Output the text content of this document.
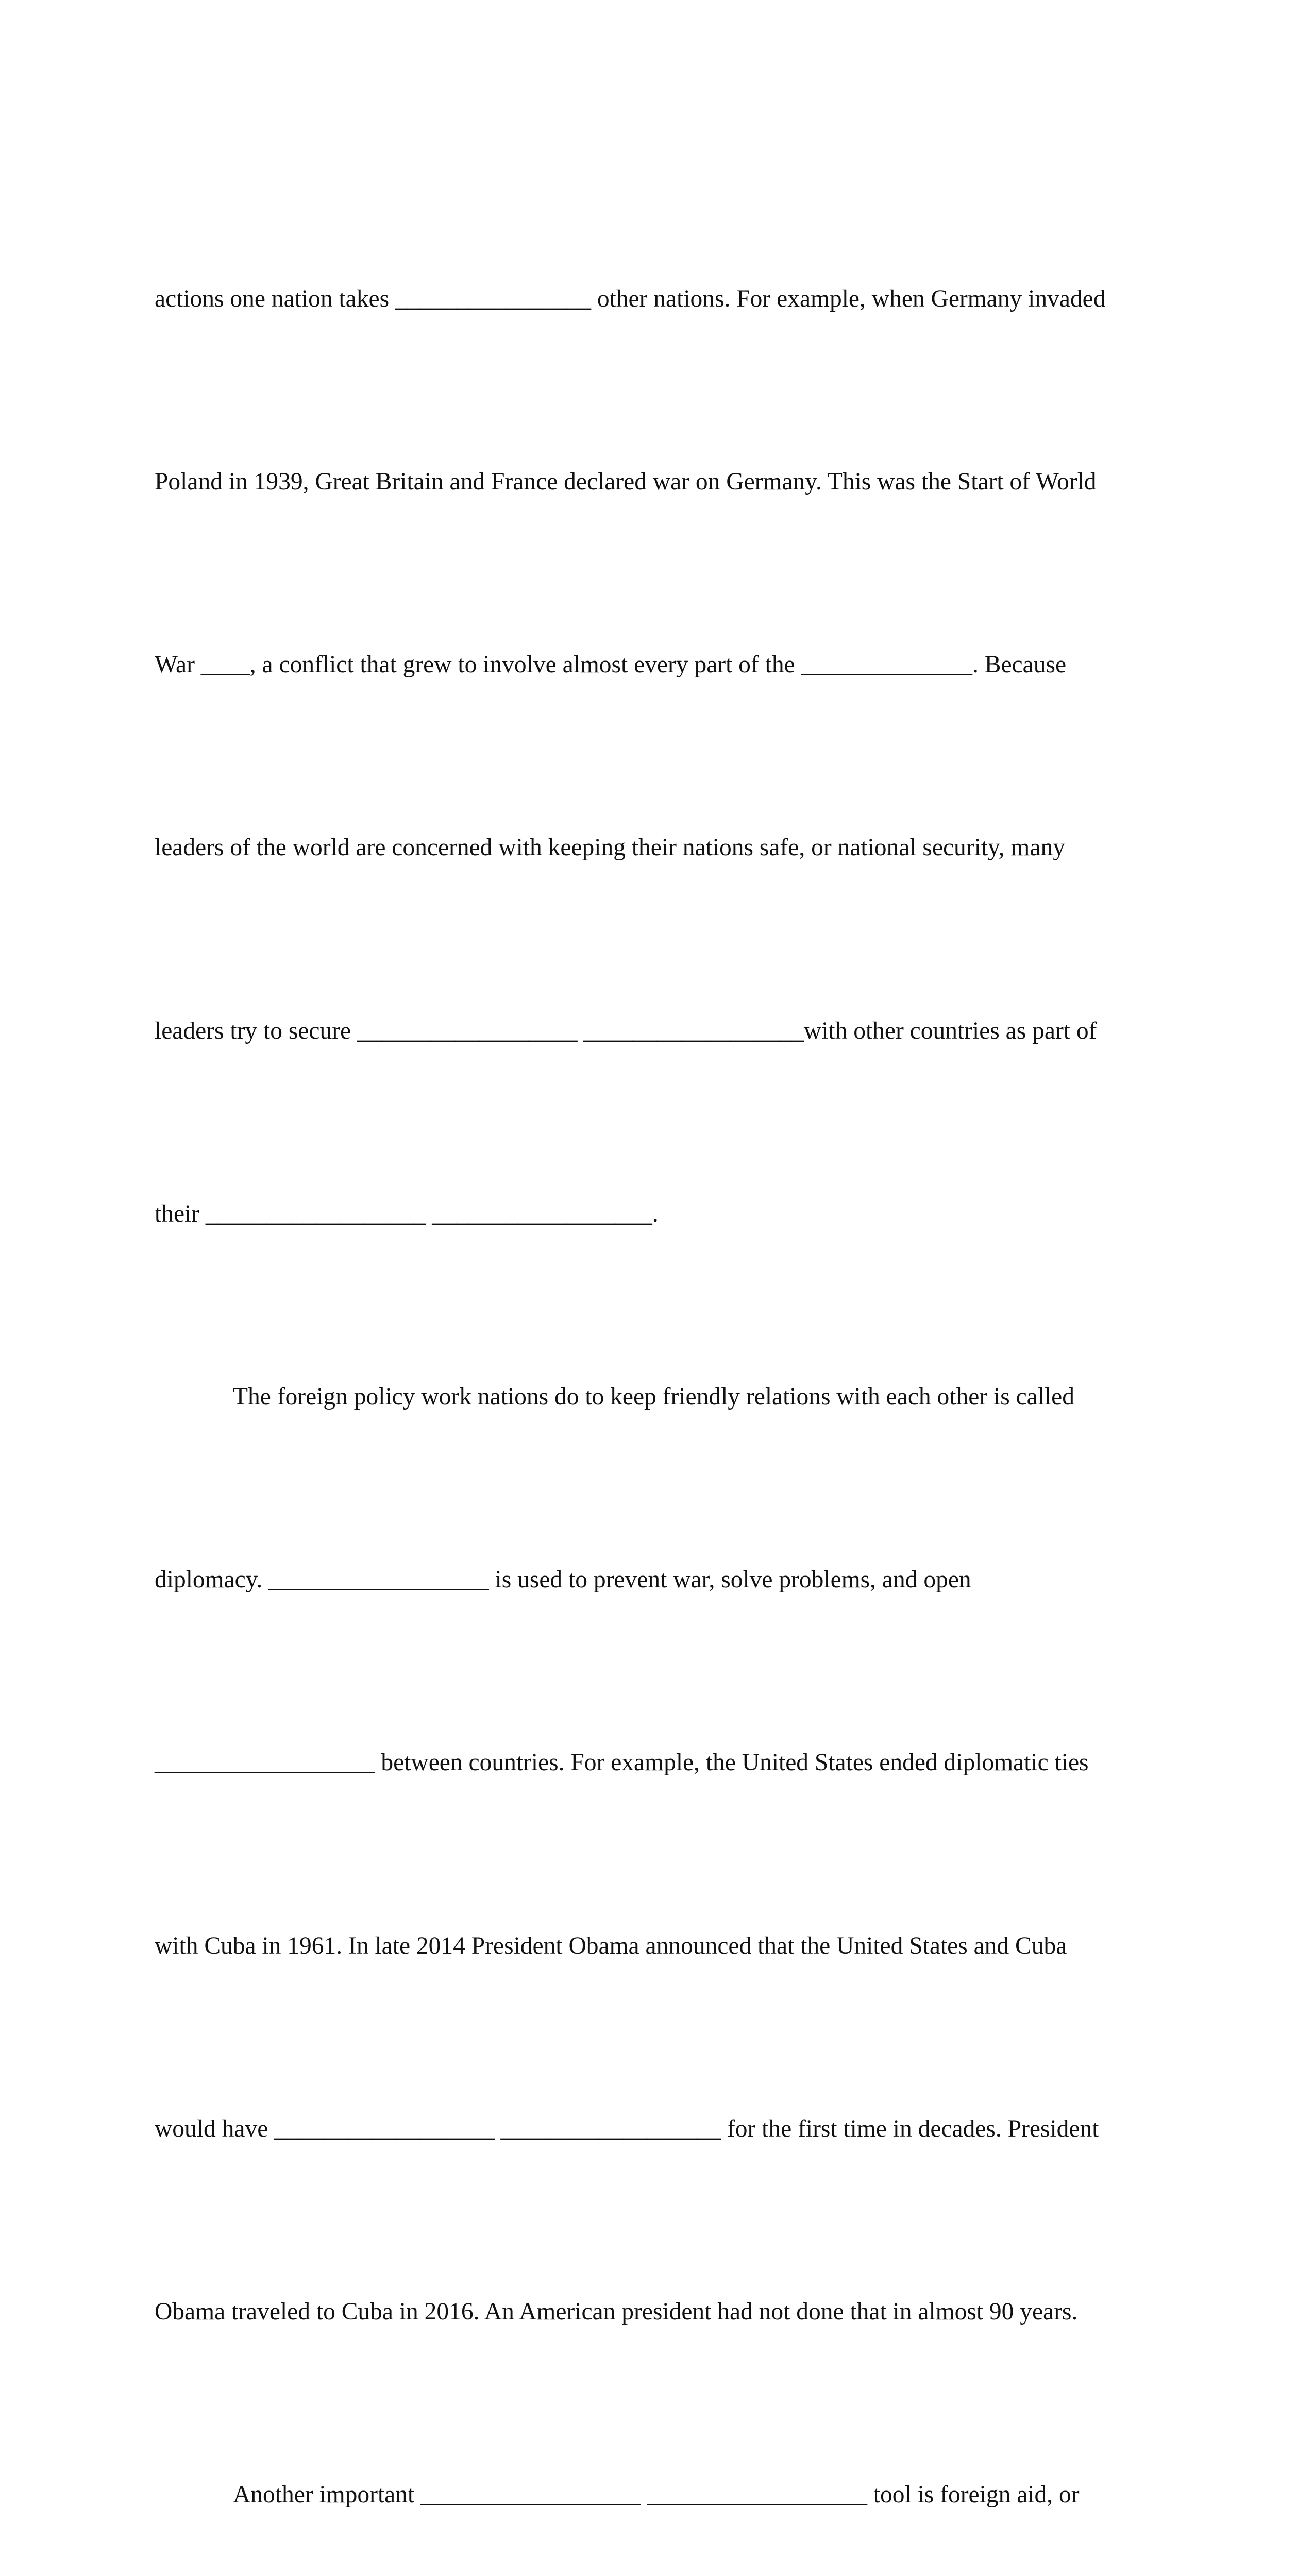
actions one nation takes ________________ other nations. For example, when Germany invaded

Poland in 1939, Great Britain and France declared war on Germany. This was the Start of World

War ____, a conflict that grew to involve almost every part of the ______________. Because

leaders of the world are concerned with keeping their nations safe, or national security, many

leaders try to secure __________________ __________________with other countries as part of

their __________________ __________________.

The foreign policy work nations do to keep friendly relations with each other is called

diplomacy. __________________ is used to prevent war, solve problems, and open

__________________ between countries. For example, the United States ended diplomatic ties

with Cuba in 1961. In late 2014 President Obama announced that the United States and Cuba

would have __________________ __________________ for the first time in decades. President

Obama traveled to Cuba in 2016. An American president had not done that in almost 90 years.

Another important __________________ __________________ tool is foreign aid, or
